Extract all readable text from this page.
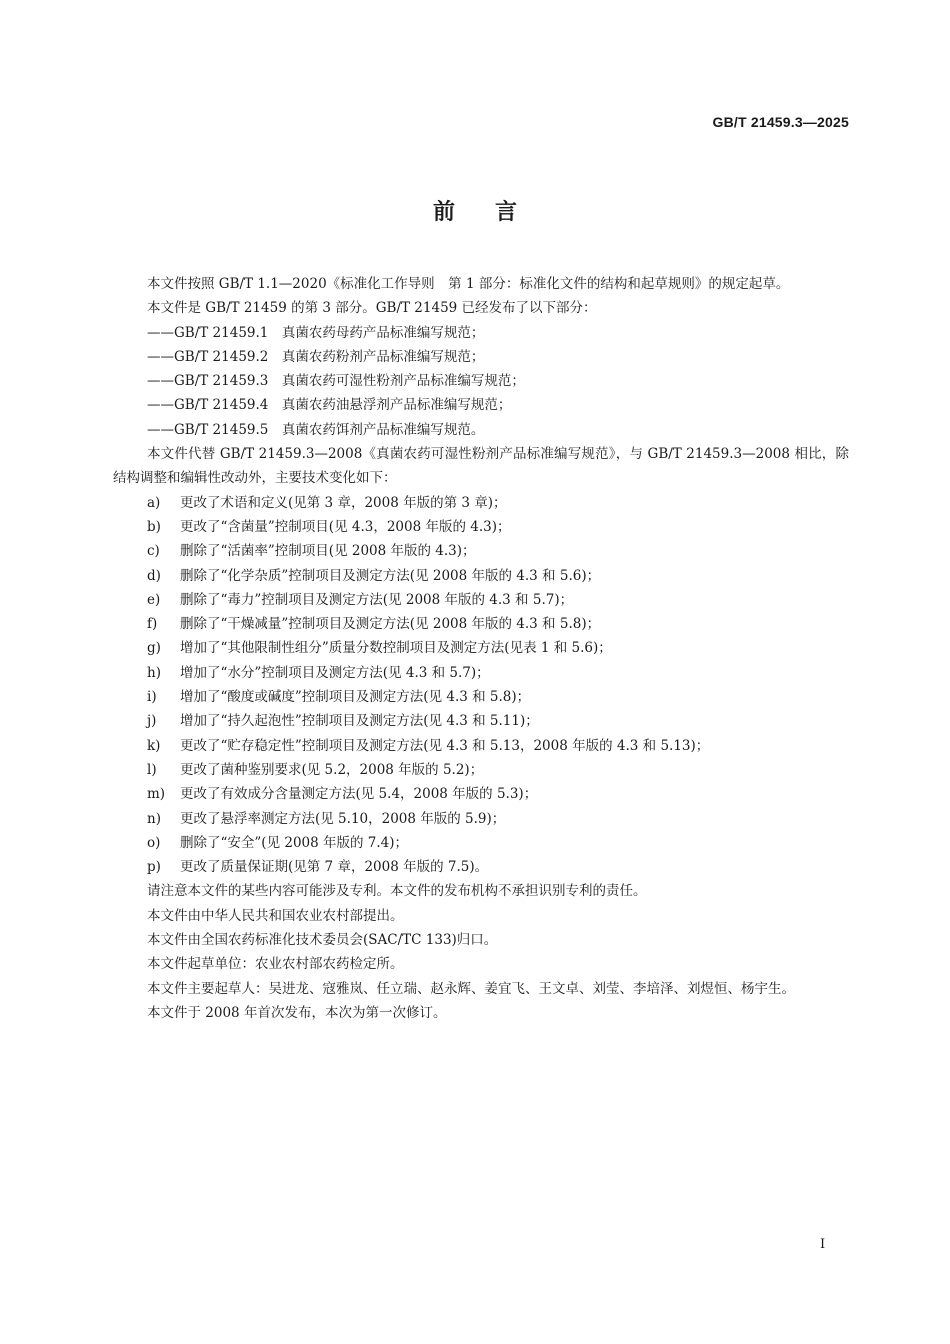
GB/T 21459.3—2025
前言

本文件按照 GB/T 1.1—2020《标准化工作导则　第 1 部分：标准化文件的结构和起草规则》的规定起草。

本文件是 GB/T 21459 的第 3 部分。GB/T 21459 已经发布了以下部分：

——GB/T 21459.1　真菌农药母药产品标准编写规范；

——GB/T 21459.2　真菌农药粉剂产品标准编写规范；

——GB/T 21459.3　真菌农药可湿性粉剂产品标准编写规范；

——GB/T 21459.4　真菌农药油悬浮剂产品标准编写规范；

——GB/T 21459.5　真菌农药饵剂产品标准编写规范。

本文件代替 GB/T 21459.3—2008《真菌农药可湿性粉剂产品标准编写规范》，与 GB/T 21459.3—2008 相比，除结构调整和编辑性改动外，主要技术变化如下：

a) 更改了术语和定义(见第 3 章，2008 年版的第 3 章)；

b) 更改了“含菌量”控制项目(见 4.3，2008 年版的 4.3)；

c) 删除了“活菌率”控制项目(见 2008 年版的 4.3)；

d) 删除了“化学杂质”控制项目及测定方法(见 2008 年版的 4.3 和 5.6)；

e) 删除了“毒力”控制项目及测定方法(见 2008 年版的 4.3 和 5.7)；

f) 删除了“干燥减量”控制项目及测定方法(见 2008 年版的 4.3 和 5.8)；

g) 增加了“其他限制性组分”质量分数控制项目及测定方法(见表 1 和 5.6)；

h) 增加了“水分”控制项目及测定方法(见 4.3 和 5.7)；

i) 增加了“酸度或碱度”控制项目及测定方法(见 4.3 和 5.8)；

j) 增加了“持久起泡性”控制项目及测定方法(见 4.3 和 5.11)；

k) 更改了“贮存稳定性”控制项目及测定方法(见 4.3 和 5.13，2008 年版的 4.3 和 5.13)；

l) 更改了菌种鉴别要求(见 5.2，2008 年版的 5.2)；

m) 更改了有效成分含量测定方法(见 5.4，2008 年版的 5.3)；

n) 更改了悬浮率测定方法(见 5.10，2008 年版的 5.9)；

o) 删除了“安全”(见 2008 年版的 7.4)；

p) 更改了质量保证期(见第 7 章，2008 年版的 7.5)。

请注意本文件的某些内容可能涉及专利。本文件的发布机构不承担识别专利的责任。

本文件由中华人民共和国农业农村部提出。

本文件由全国农药标准化技术委员会(SAC/TC 133)归口。

本文件起草单位：农业农村部农药检定所。

本文件主要起草人：吴进龙、寇雅岚、任立瑞、赵永辉、姜宜飞、王文卓、刘莹、李培泽、刘煜恒、杨宇生。

本文件于 2008 年首次发布，本次为第一次修订。

I
